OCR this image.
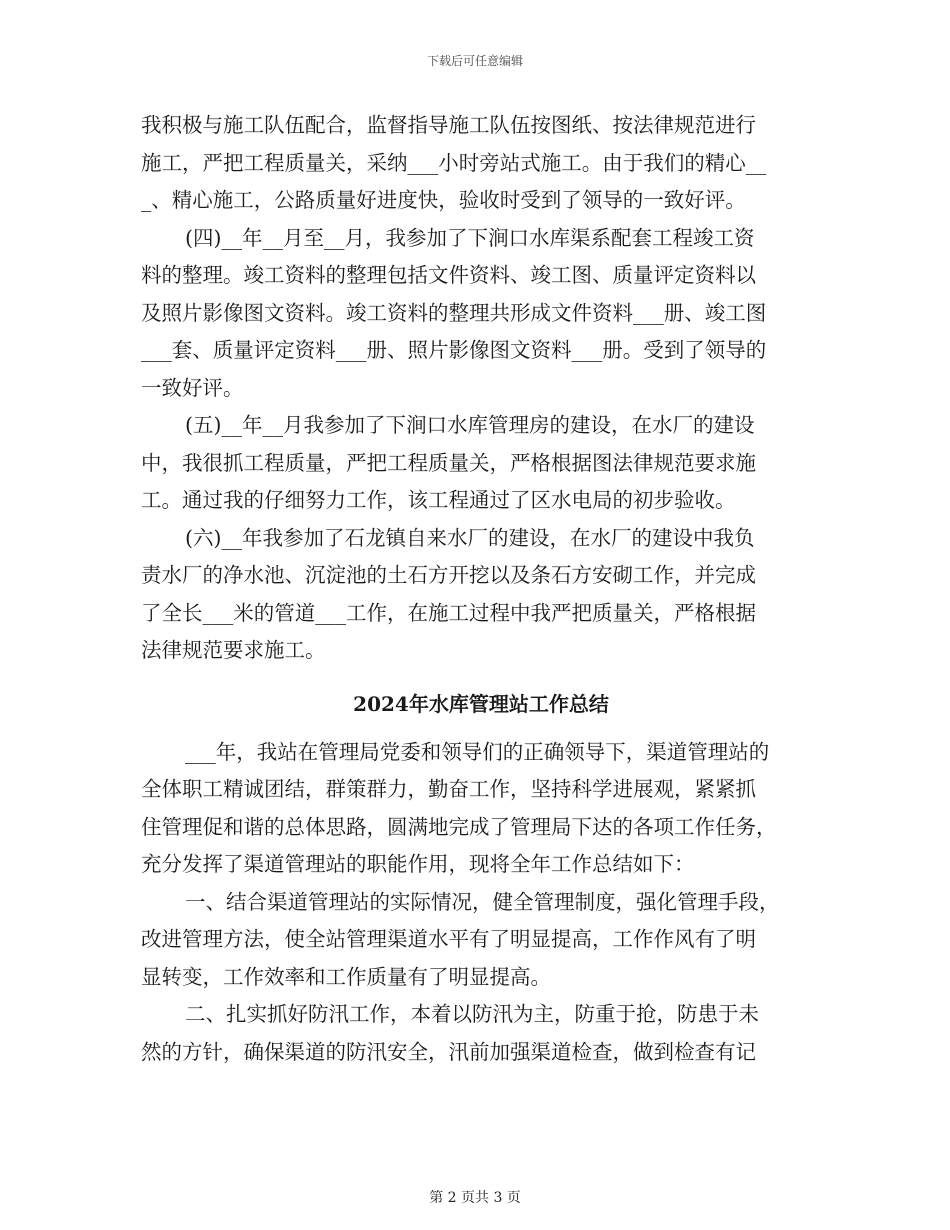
下载后可任意编辑
我积极与施工队伍配合，监督指导施工队伍按图纸、按法律规范进行
施工，严把工程质量关，采纳___小时旁站式施工。由于我们的精心__
_、精心施工，公路质量好进度快，验收时受到了领导的一致好评。
(四)__年__月至__月，我参加了下涧口水库渠系配套工程竣工资
料的整理。竣工资料的整理包括文件资料、竣工图、质量评定资料以
及照片影像图文资料。竣工资料的整理共形成文件资料___册、竣工图
___套、质量评定资料___册、照片影像图文资料___册。受到了领导的
一致好评。
(五)__年__月我参加了下涧口水库管理房的建设，在水厂的建设
中，我很抓工程质量，严把工程质量关，严格根据图法律规范要求施
工。通过我的仔细努力工作，该工程通过了区水电局的初步验收。
(六)__年我参加了石龙镇自来水厂的建设，在水厂的建设中我负
责水厂的净水池、沉淀池的土石方开挖以及条石方安砌工作，并完成
了全长___米的管道___工作，在施工过程中我严把质量关，严格根据
法律规范要求施工。
2024年水库管理站工作总结
___年，我站在管理局党委和领导们的正确领导下，渠道管理站的
全体职工精诚团结，群策群力，勤奋工作，坚持科学进展观，紧紧抓
住管理促和谐的总体思路，圆满地完成了管理局下达的各项工作任务，
充分发挥了渠道管理站的职能作用，现将全年工作总结如下：
一、结合渠道管理站的实际情况，健全管理制度，强化管理手段，
改进管理方法，使全站管理渠道水平有了明显提高，工作作风有了明
显转变，工作效率和工作质量有了明显提高。
二、扎实抓好防汛工作，本着以防汛为主，防重于抢，防患于未
然的方针，确保渠道的防汛安全，汛前加强渠道检查，做到检查有记
第 2 页共 3 页
